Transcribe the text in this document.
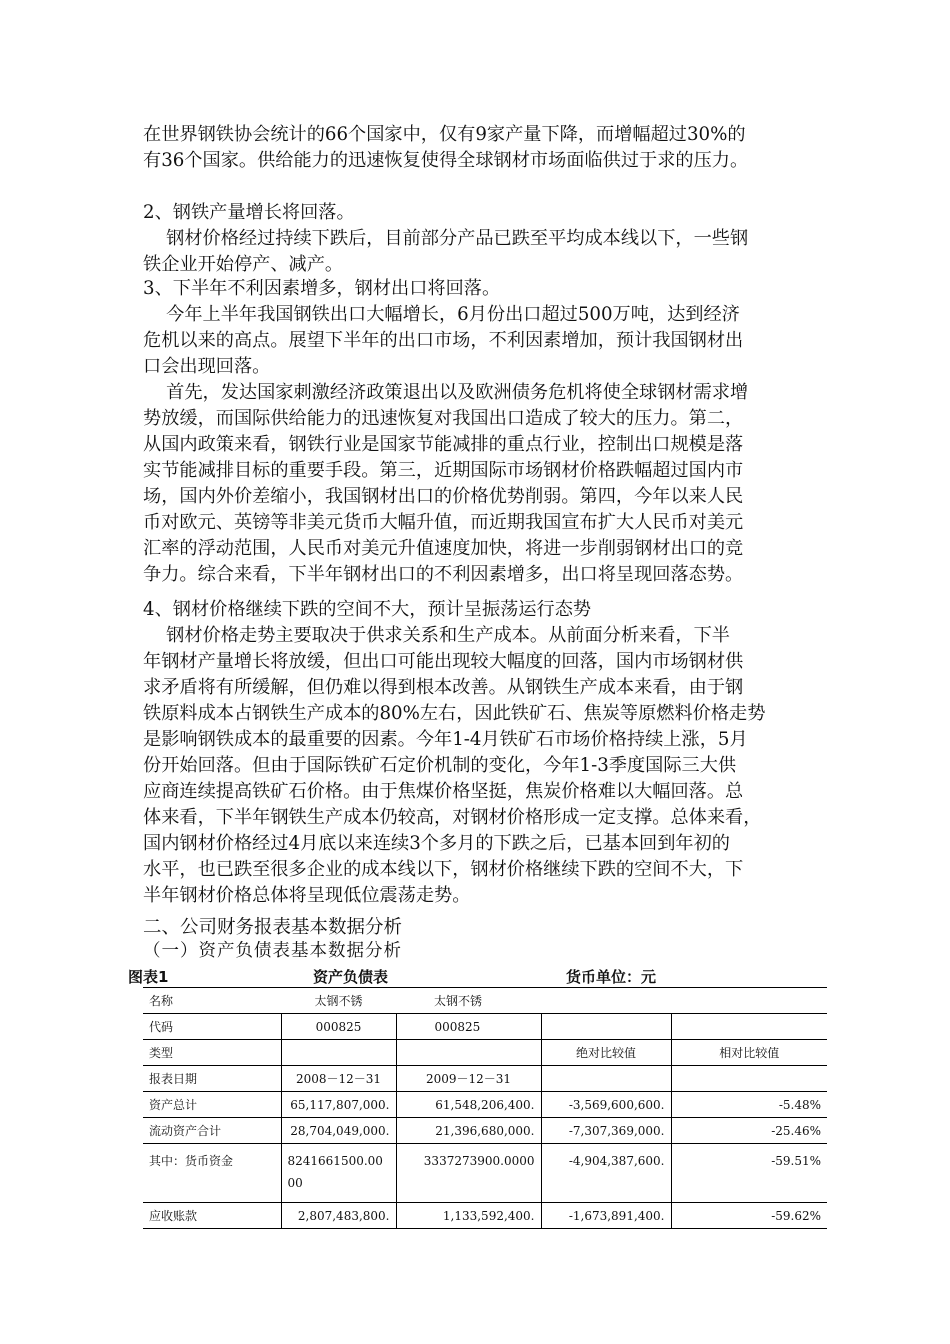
在世界钢铁协会统计的66个国家中，仅有9家产量下降，而增幅超过30%的
有36个国家。供给能力的迅速恢复使得全球钢材市场面临供过于求的压力。
2、钢铁产量增长将回落。
钢材价格经过持续下跌后，目前部分产品已跌至平均成本线以下，一些钢
铁企业开始停产、减产。
3、下半年不利因素增多，钢材出口将回落。
今年上半年我国钢铁出口大幅增长，6月份出口超过500万吨，达到经济
危机以来的高点。展望下半年的出口市场，不利因素增加，预计我国钢材出
口会出现回落。
首先，发达国家刺激经济政策退出以及欧洲债务危机将使全球钢材需求增
势放缓，而国际供给能力的迅速恢复对我国出口造成了较大的压力。第二，
从国内政策来看，钢铁行业是国家节能减排的重点行业，控制出口规模是落
实节能减排目标的重要手段。第三，近期国际市场钢材价格跌幅超过国内市
场，国内外价差缩小，我国钢材出口的价格优势削弱。第四，今年以来人民
币对欧元、英镑等非美元货币大幅升值，而近期我国宣布扩大人民币对美元
汇率的浮动范围，人民币对美元升值速度加快，将进一步削弱钢材出口的竞
争力。综合来看，下半年钢材出口的不利因素增多，出口将呈现回落态势。
4、钢材价格继续下跌的空间不大，预计呈振荡运行态势
钢材价格走势主要取决于供求关系和生产成本。从前面分析来看，下半
年钢材产量增长将放缓，但出口可能出现较大幅度的回落，国内市场钢材供
求矛盾将有所缓解，但仍难以得到根本改善。从钢铁生产成本来看，由于钢
铁原料成本占钢铁生产成本的80%左右，因此铁矿石、焦炭等原燃料价格走势
是影响钢铁成本的最重要的因素。今年1-4月铁矿石市场价格持续上涨，5月
份开始回落。但由于国际铁矿石定价机制的变化，今年1-3季度国际三大供
应商连续提高铁矿石价格。由于焦煤价格坚挺，焦炭价格难以大幅回落。总
体来看，下半年钢铁生产成本仍较高，对钢材价格形成一定支撑。总体来看，
国内钢材价格经过4月底以来连续3个多月的下跌之后，已基本回到年初的
水平，也已跌至很多企业的成本线以下，钢材价格继续下跌的空间不大，下
半年钢材价格总体将呈现低位震荡走势。
二、公司财务报表基本数据分析
（一）资产负债表基本数据分析
图表1	资产负债表	货币单位：元
名称	太钢不锈	太钢不锈		
代码	000825	000825		
类型			绝对比较值	相对比较值
报表日期	2008－12－31	2009－12－31		
资产总计	65,117,807,000.	61,548,206,400.	-3,569,600,600.	-5.48%
流动资产合计	28,704,049,000.	21,396,680,000.	-7,307,369,000.	-25.46%
其中：货币资金	8241661500.0000	3337273900.0000	-4,904,387,600.	-59.51%
应收账款	2,807,483,800.	1,133,592,400.	-1,673,891,400.	-59.62%
